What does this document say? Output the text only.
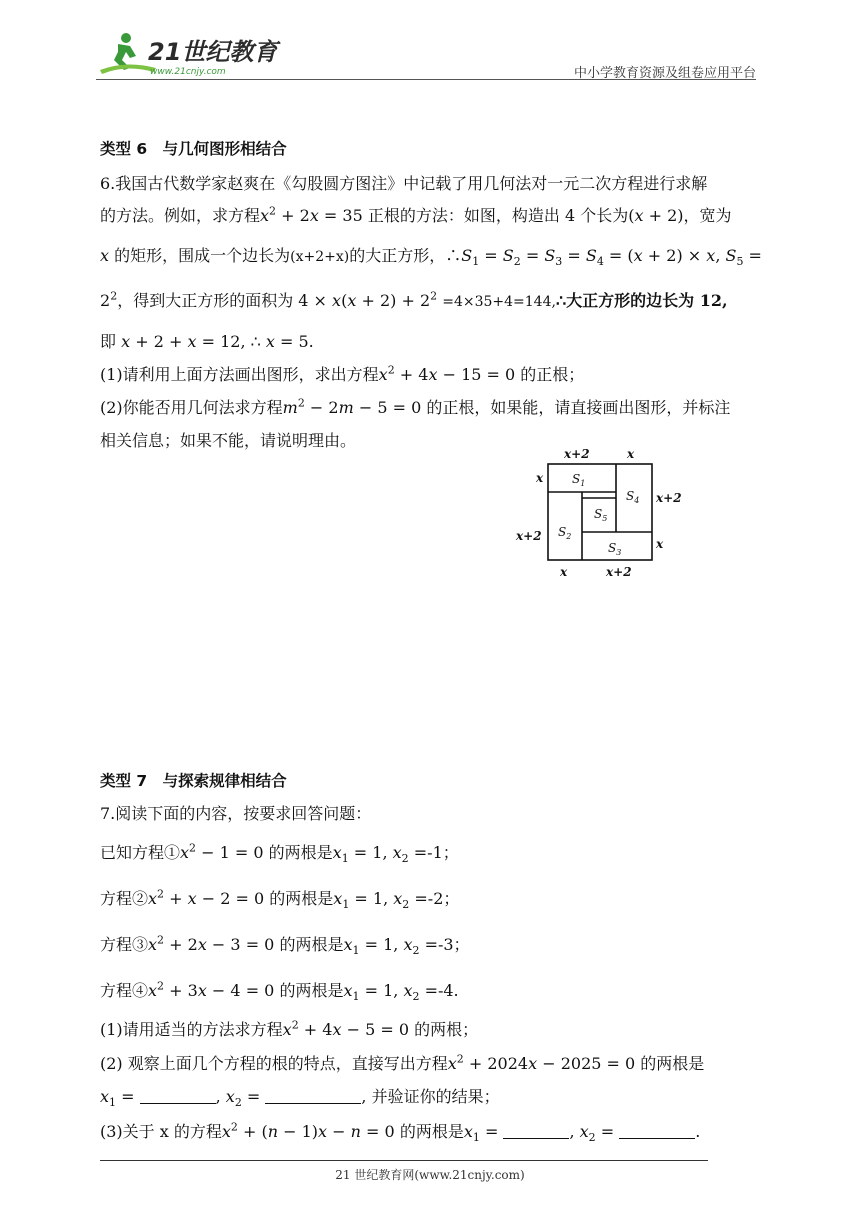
21世纪教育
www.21cnjy.com	中小学教育资源及组卷应用平台
类型 6　与几何图形相结合
6.我国古代数学家赵爽在《勾股圆方图注》中记载了用几何法对一元二次方程进行求解
的方法。例如，求方程$x^2 + 2x = 35$ 正根的方法：如图，构造出 4 个长为(x + 2)，宽为
x 的矩形，围成一个边长为(x+2+x)的大正方形，$\therefore S_1 = S_2 = S_3 = S_4 = (x + 2) \times x$, $S_5$ =
$2^2$，得到大正方形的面积为 $4 \times x(x + 2) + 2^2$ =4×35+4=144,∴大正方形的边长为 12,
即 x + 2 + x = 12, ∴ x = 5.
(1)请利用上面方法画出图形，求出方程$x^2 + 4x - 15 = 0$ 的正根；
(2)你能否用几何法求方程$m^2 - 2m - 5 = 0$ 的正根，如果能，请直接画出图形，并标注
相关信息；如果不能，请说明理由。
x+2	x
x
x+2
x+2
x
x	x+2
$S_1$
$S_2$
$S_3$
$S_4$
$S_5$
类型 7　与探索规律相结合
7.阅读下面的内容，按要求回答问题：
已知方程$①x^2 - 1 = 0$ 的两根是$x_1 = 1$, $x_2 =-1$；
方程$②x^2 + x - 2 = 0$ 的两根是$x_1 = 1$, $x_2 =-2$；
方程$③x^2 + 2x - 3 = 0$ 的两根是$x_1 = 1$, $x_2 =-3$；
方程$④x^2 + 3x - 4 = 0$ 的两根是$x_1 = 1$, $x_2 =-4$.
(1)请用适当的方法求方程$x^2 + 4x - 5 = 0$ 的两根；
(2) 观察上面几个方程的根的特点，直接写出方程$x^2 + 2024x - 2025 = 0$ 的两根是
$x_1$ =	, $x_2$ =	, 并验证你的结果；
(3)关于 x 的方程$x^2 + (n - 1)x - n = 0$ 的两根是$x_1$ =	, $x_2$ =	.
21 世纪教育网(www.21cnjy.com)
